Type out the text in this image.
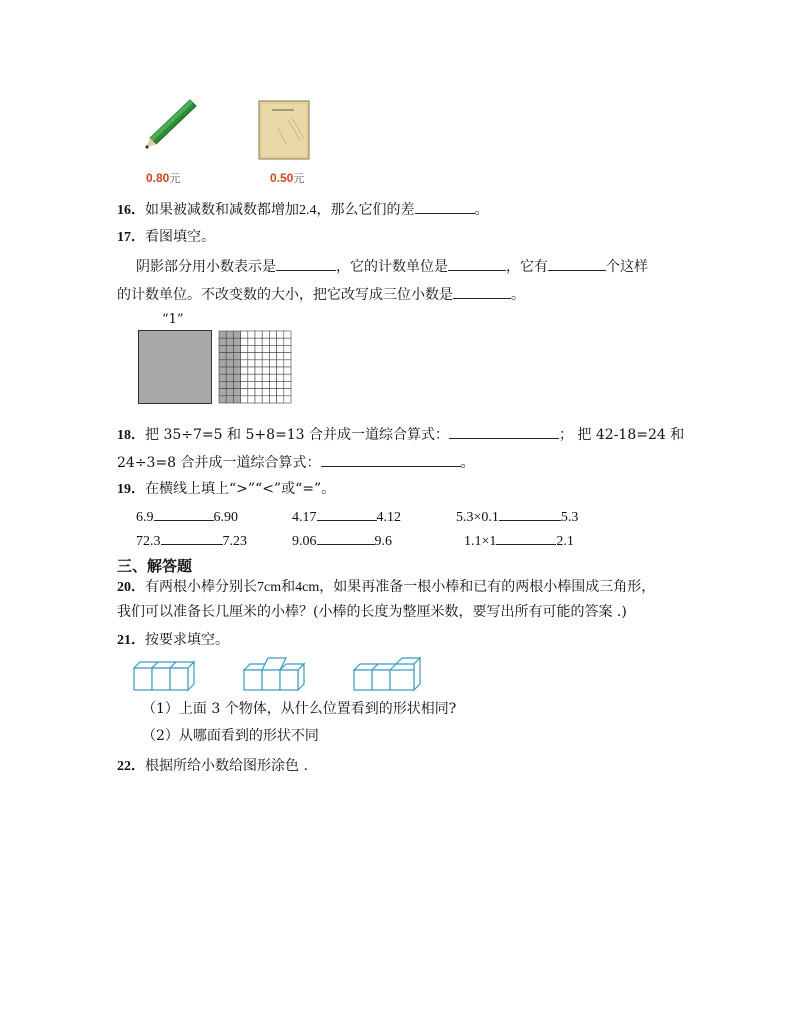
0.80元	0.50元
16．如果被减数和减数都增加2.4，那么它们的差	。
17．看图填空。
阴影部分用小数表示是	，它的计数单位是	，它有	个这样
的计数单位。不改变数的大小，把它改写成三位小数是	。
“1”
18．把 35÷7=5 和 5+8=13 合并成一道综合算式：	； 把 42-18=24 和
24÷3=8 合并成一道综合算式：	。
19．在横线上填上“>”“<”或“=”。
6.9	6.90	4.17	4.12	5.3×0.1	5.3
72.3	7.23	9.06	9.6	1.1×1	2.1
三、解答题
20．有两根小棒分别长7cm和4cm，如果再准备一根小棒和已有的两根小棒围成三角形，
我们可以准备长几厘米的小棒？(小棒的长度为整厘米数，要写出所有可能的答案 .)
21．按要求填空。
（1）上面 3 个物体，从什么位置看到的形状相同?
（2）从哪面看到的形状不同
22．根据所给小数给图形涂色 .
